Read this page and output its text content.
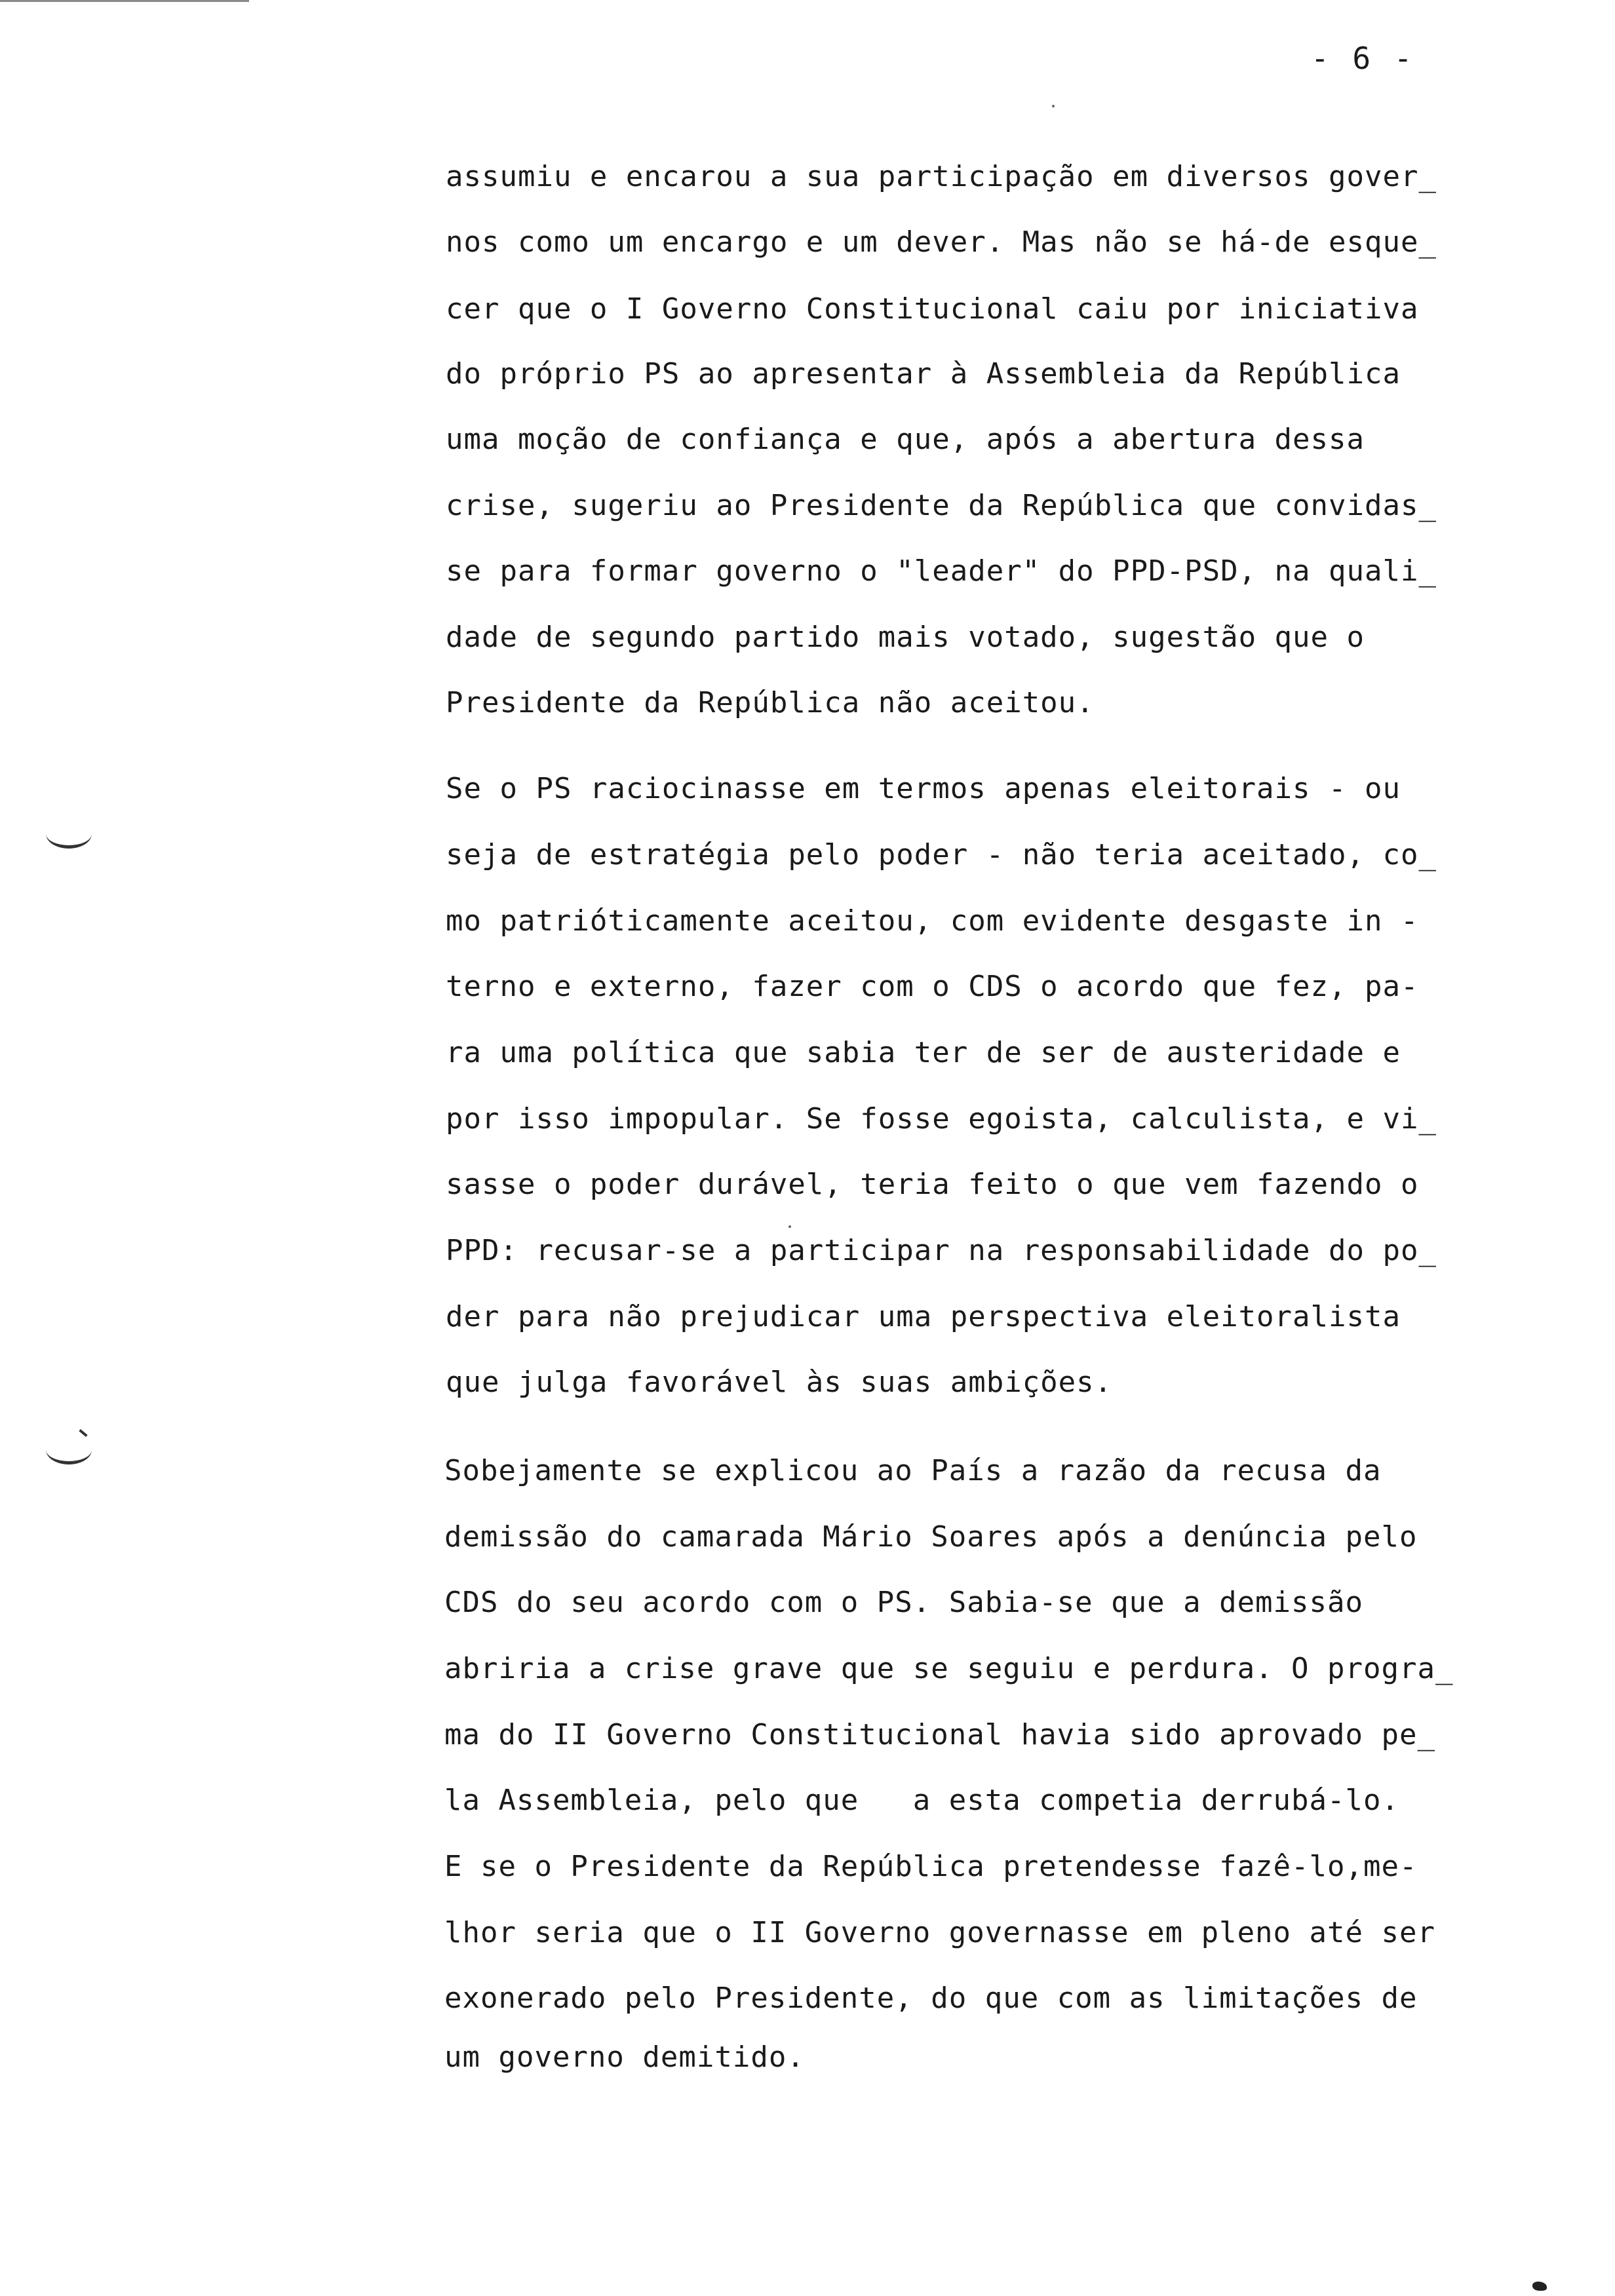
- 6 -
assumiu e encarou a sua participação em diversos gover_
nos como um encargo e um dever. Mas não se há-de esque_
cer que o I Governo Constitucional caiu por iniciativa
do próprio PS ao apresentar à Assembleia da República
uma moção de confiança e que, após a abertura dessa
crise, sugeriu ao Presidente da República que convidas_
se para formar governo o "leader" do PPD-PSD, na quali_
dade de segundo partido mais votado, sugestão que o
Presidente da República não aceitou.
Se o PS raciocinasse em termos apenas eleitorais - ou
seja de estratégia pelo poder - não teria aceitado, co_
mo patrióticamente aceitou, com evidente desgaste in -
terno e externo, fazer com o CDS o acordo que fez, pa-
ra uma política que sabia ter de ser de austeridade e
por isso impopular. Se fosse egoista, calculista, e vi_
sasse o poder durável, teria feito o que vem fazendo o
PPD: recusar-se a participar na responsabilidade do po_
der para não prejudicar uma perspectiva eleitoralista
que julga favorável às suas ambições.
Sobejamente se explicou ao País a razão da recusa da
demissão do camarada Mário Soares após a denúncia pelo
CDS do seu acordo com o PS. Sabia-se que a demissão
abriria a crise grave que se seguiu e perdura. O progra_
ma do II Governo Constitucional havia sido aprovado pe_
la Assembleia, pelo que   a esta competia derrubá-lo.
E se o Presidente da República pretendesse fazê-lo,me-
lhor seria que o II Governo governasse em pleno até ser
exonerado pelo Presidente, do que com as limitações de
um governo demitido.
